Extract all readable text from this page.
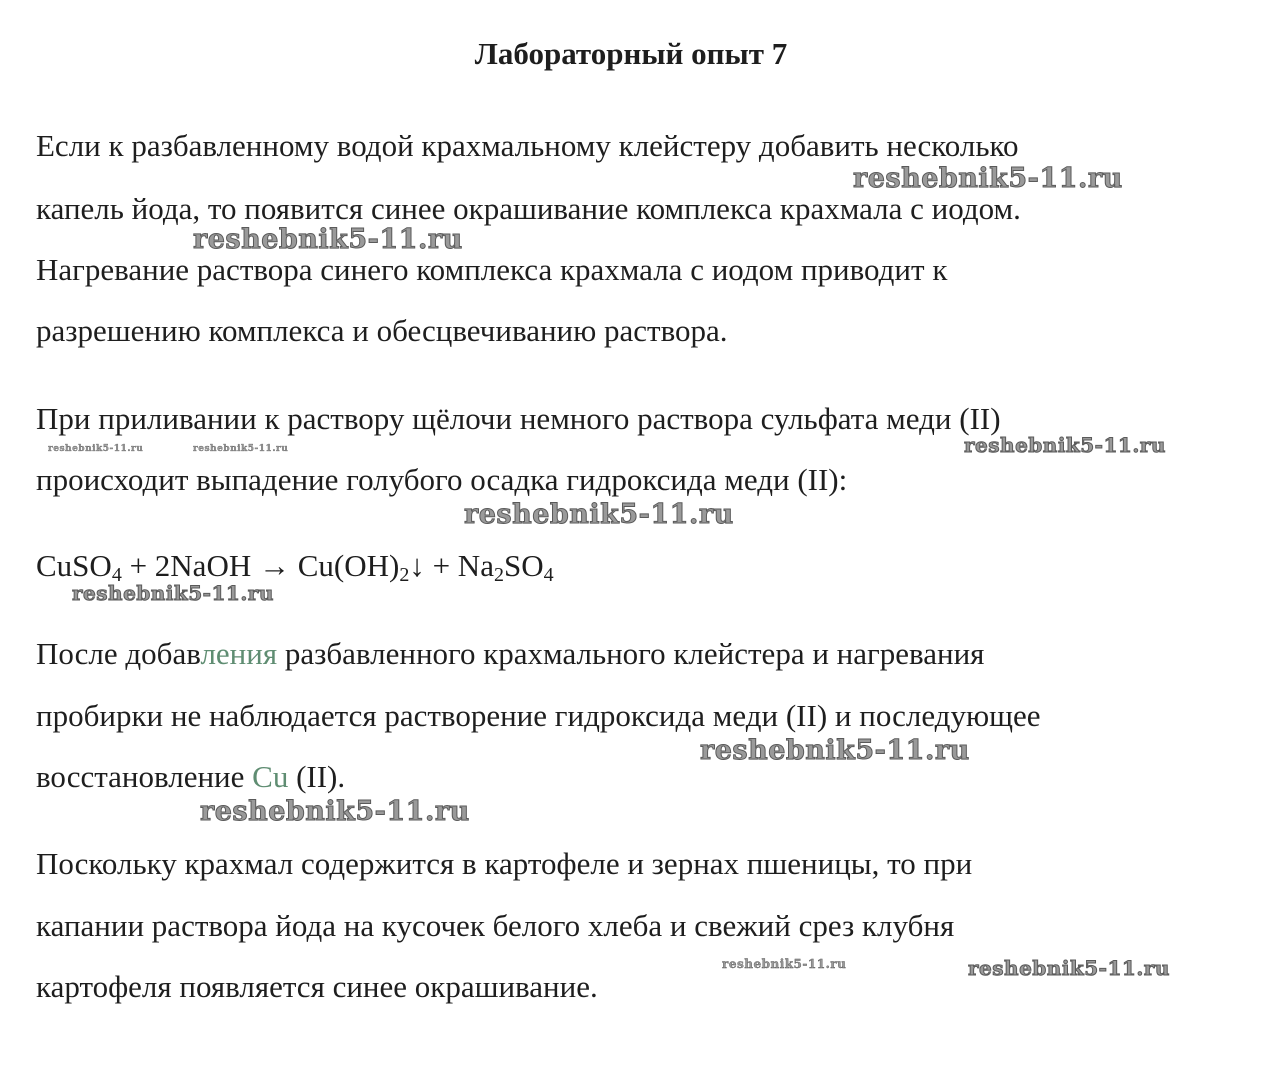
Лабораторный опыт 7
Если к разбавленному водой крахмальному клейстеру добавить несколько
капель йода, то появится синее окрашивание комплекса крахмала с иодом.
Нагревание раствора синего комплекса крахмала с иодом приводит к
разрешению комплекса и обесцвечиванию раствора.
При приливании к раствору щёлочи немного раствора сульфата меди (II)
происходит выпадение голубого осадка гидроксида меди (II):
CuSO$_4$ + 2NaOH → $Cu(OH)_2↓ + Na_2SO_4$
После добавления разбавленного крахмального клейстера и нагревания
пробирки не наблюдается растворение гидроксида меди (II) и последующее
восстановление Cu (II).
Поскольку крахмал содержится в картофеле и зернах пшеницы, то при
капании раствора йода на кусочек белого хлеба и свежий срез клубня
картофеля появляется синее окрашивание.
reshebnik5-11.ru
reshebnik5-11.ru
reshebnik5-11.ru	reshebnik5-11.ru	reshebnik5-11.ru
reshebnik5-11.ru
reshebnik5-11.ru
reshebnik5-11.ru
reshebnik5-11.ru
reshebnik5-11.ru	reshebnik5-11.ru
